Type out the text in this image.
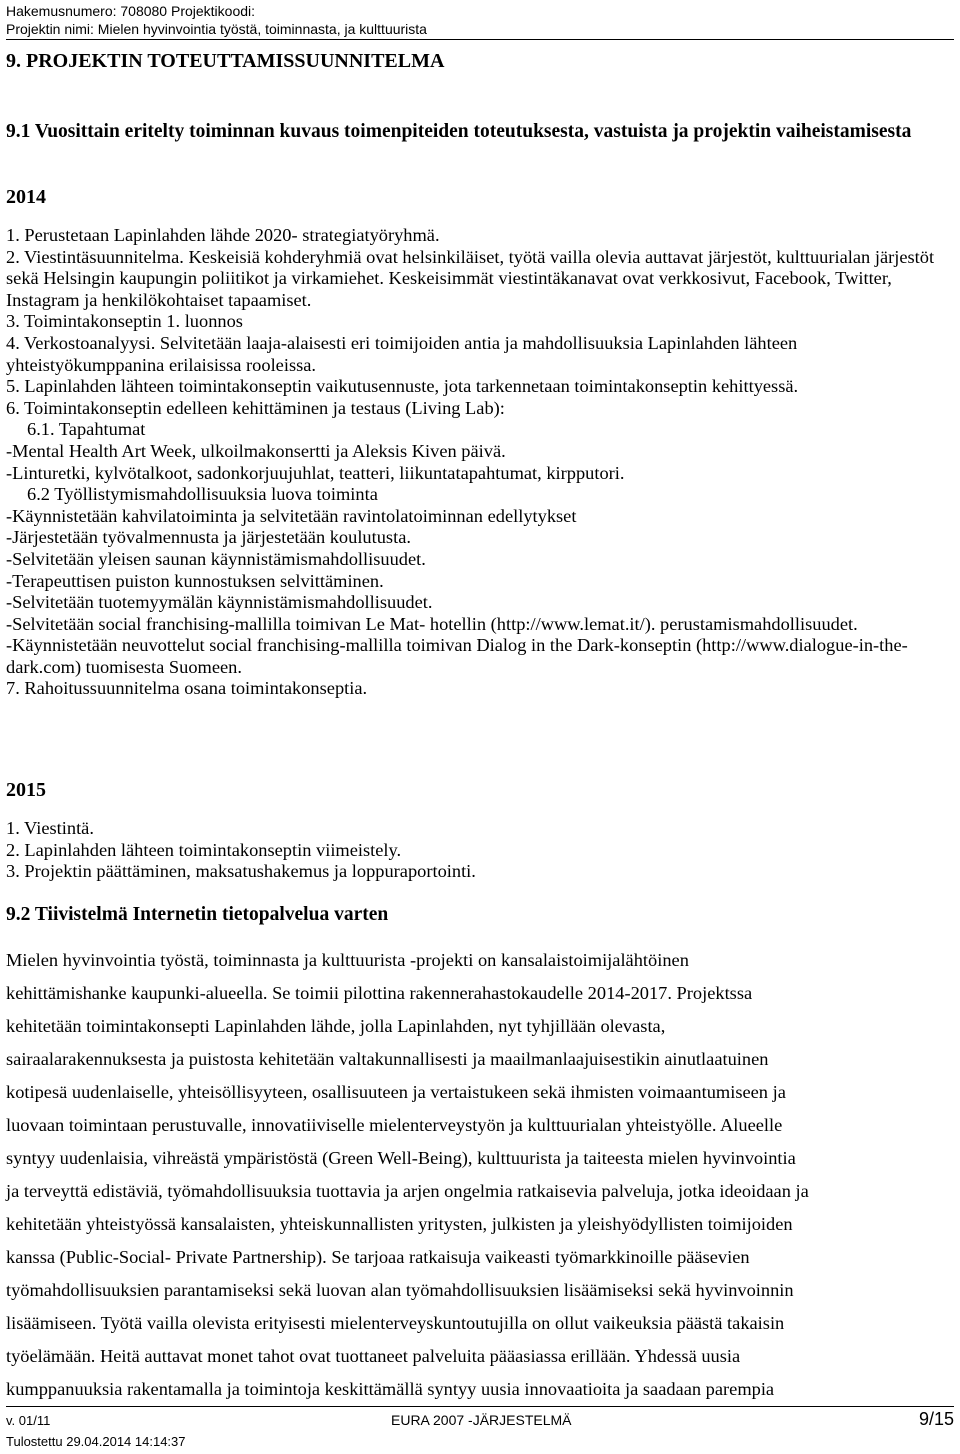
Hakemusnumero: 708080 Projektikoodi:
Projektin nimi: Mielen hyvinvointia työstä, toiminnasta, ja kulttuurista
9. PROJEKTIN TOTEUTTAMISSUUNNITELMA
9.1 Vuosittain eritelty toiminnan kuvaus toimenpiteiden toteutuksesta, vastuista ja projektin vaiheistamisesta
2014

1. Perustetaan Lapinlahden lähde 2020- strategiatyöryhmä.

2. Viestintäsuunnitelma. Keskeisiä kohderyhmiä ovat helsinkiläiset, työtä vailla olevia auttavat järjestöt, kulttuurialan järjestöt sekä Helsingin kaupungin poliitikot ja virkamiehet. Keskeisimmät viestintäkanavat ovat verkkosivut, Facebook, Twitter, Instagram ja henkilökohtaiset tapaamiset.

3. Toimintakonseptin 1. luonnos

4. Verkostoanalyysi. Selvitetään laaja-alaisesti eri toimijoiden antia ja mahdollisuuksia Lapinlahden lähteen yhteistyökumppanina erilaisissa rooleissa.

5. Lapinlahden lähteen toimintakonseptin vaikutusennuste, jota tarkennetaan toimintakonseptin kehittyessä.

6. Toimintakonseptin edelleen kehittäminen ja testaus (Living Lab):

6.1. Tapahtumat

-Mental Health Art Week, ulkoilmakonsertti ja Aleksis Kiven päivä.

-Linturetki, kylvötalkoot, sadonkorjuujuhlat, teatteri, liikuntatapahtumat, kirpputori.

6.2 Työllistymismahdollisuuksia luova toiminta

-Käynnistetään kahvilatoiminta ja selvitetään ravintolatoiminnan edellytykset

-Järjestetään työvalmennusta ja järjestetään koulutusta.

-Selvitetään yleisen saunan käynnistämismahdollisuudet.

-Terapeuttisen puiston kunnostuksen selvittäminen.

-Selvitetään tuotemyymälän käynnistämismahdollisuudet.

-Selvitetään social franchising-mallilla toimivan Le Mat- hotellin (http://www.lemat.it/). perustamismahdollisuudet.

-Käynnistetään neuvottelut social franchising-mallilla toimivan Dialog in the Dark-konseptin (http://www.dialogue-in-the-dark.com) tuomisesta Suomeen.

7. Rahoitussuunnitelma osana toimintakonseptia.

2015

1. Viestintä.

2. Lapinlahden lähteen toimintakonseptin viimeistely.

3. Projektin päättäminen, maksatushakemus ja loppuraportointi.

9.2 Tiivistelmä Internetin tietopalvelua varten
Mielen hyvinvointia työstä, toiminnasta ja kulttuurista -projekti on kansalaistoimijalähtöinen
kehittämishanke kaupunki-alueella. Se toimii pilottina rakennerahastokaudelle 2014-2017. Projektssa
kehitetään toimintakonsepti Lapinlahden lähde, jolla Lapinlahden, nyt tyhjillään olevasta,
sairaalarakennuksesta ja puistosta kehitetään valtakunnallisesti ja maailmanlaajuisestikin ainutlaatuinen
kotipesä uudenlaiselle, yhteisöllisyyteen, osallisuuteen ja vertaistukeen sekä ihmisten voimaantumiseen ja
luovaan toimintaan perustuvalle, innovatiiviselle mielenterveystyön ja kulttuurialan yhteistyölle. Alueelle
syntyy uudenlaisia, vihreästä ympäristöstä (Green Well-Being), kulttuurista ja taiteesta mielen hyvinvointia
ja terveyttä edistäviä, työmahdollisuuksia tuottavia ja arjen ongelmia ratkaisevia palveluja, jotka ideoidaan ja
kehitetään yhteistyössä kansalaisten, yhteiskunnallisten yritysten, julkisten ja yleishyödyllisten toimijoiden
kanssa (Public-Social- Private Partnership). Se tarjoaa ratkaisuja vaikeasti työmarkkinoille pääsevien
työmahdollisuuksien parantamiseksi sekä luovan alan työmahdollisuuksien lisäämiseksi sekä hyvinvoinnin
lisäämiseen. Työtä vailla olevista erityisesti mielenterveyskuntoutujilla on ollut vaikeuksia päästä takaisin
työelämään. Heitä auttavat monet tahot ovat tuottaneet palveluita pääasiassa erillään. Yhdessä uusia
kumppanuuksia rakentamalla ja toimintoja keskittämällä syntyy uusia innovaatioita ja saadaan parempia
v. 01/11
Tulostettu 29.04.2014 14:14:37
EURA 2007 -JÄRJESTELMÄ	9/15
